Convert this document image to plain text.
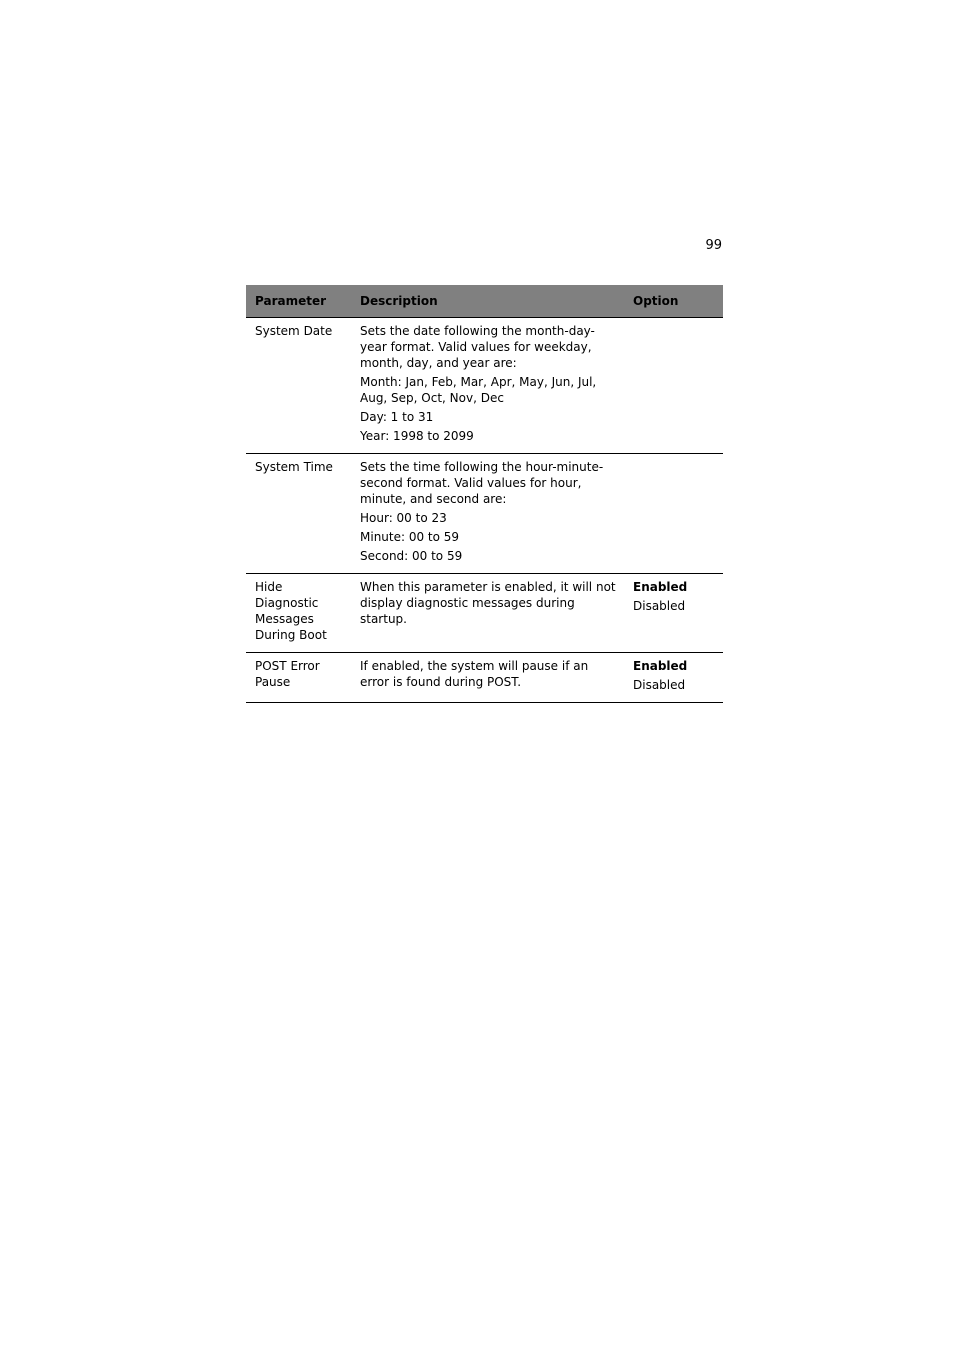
99
Parameter	Description	Option
System Date	Sets the date following the month-day-year format. Valid values for weekday, month, day, and year are:

Month: Jan, Feb, Mar, Apr, May, Jun, Jul, Aug, Sep, Oct, Nov, Dec

Day: 1 to 31

Year: 1998 to 2099	

System Time	Sets the time following the hour-minute-second format. Valid values for hour, minute, and second are:

Hour: 00 to 23

Minute: 00 to 59

Second: 00 to 59	

Hide Diagnostic Messages During Boot	When this parameter is enabled, it will not display diagnostic messages during startup.	Enabled

Disabled

POST Error Pause	If enabled, the system will pause if an error is found during POST.	Enabled

Disabled
